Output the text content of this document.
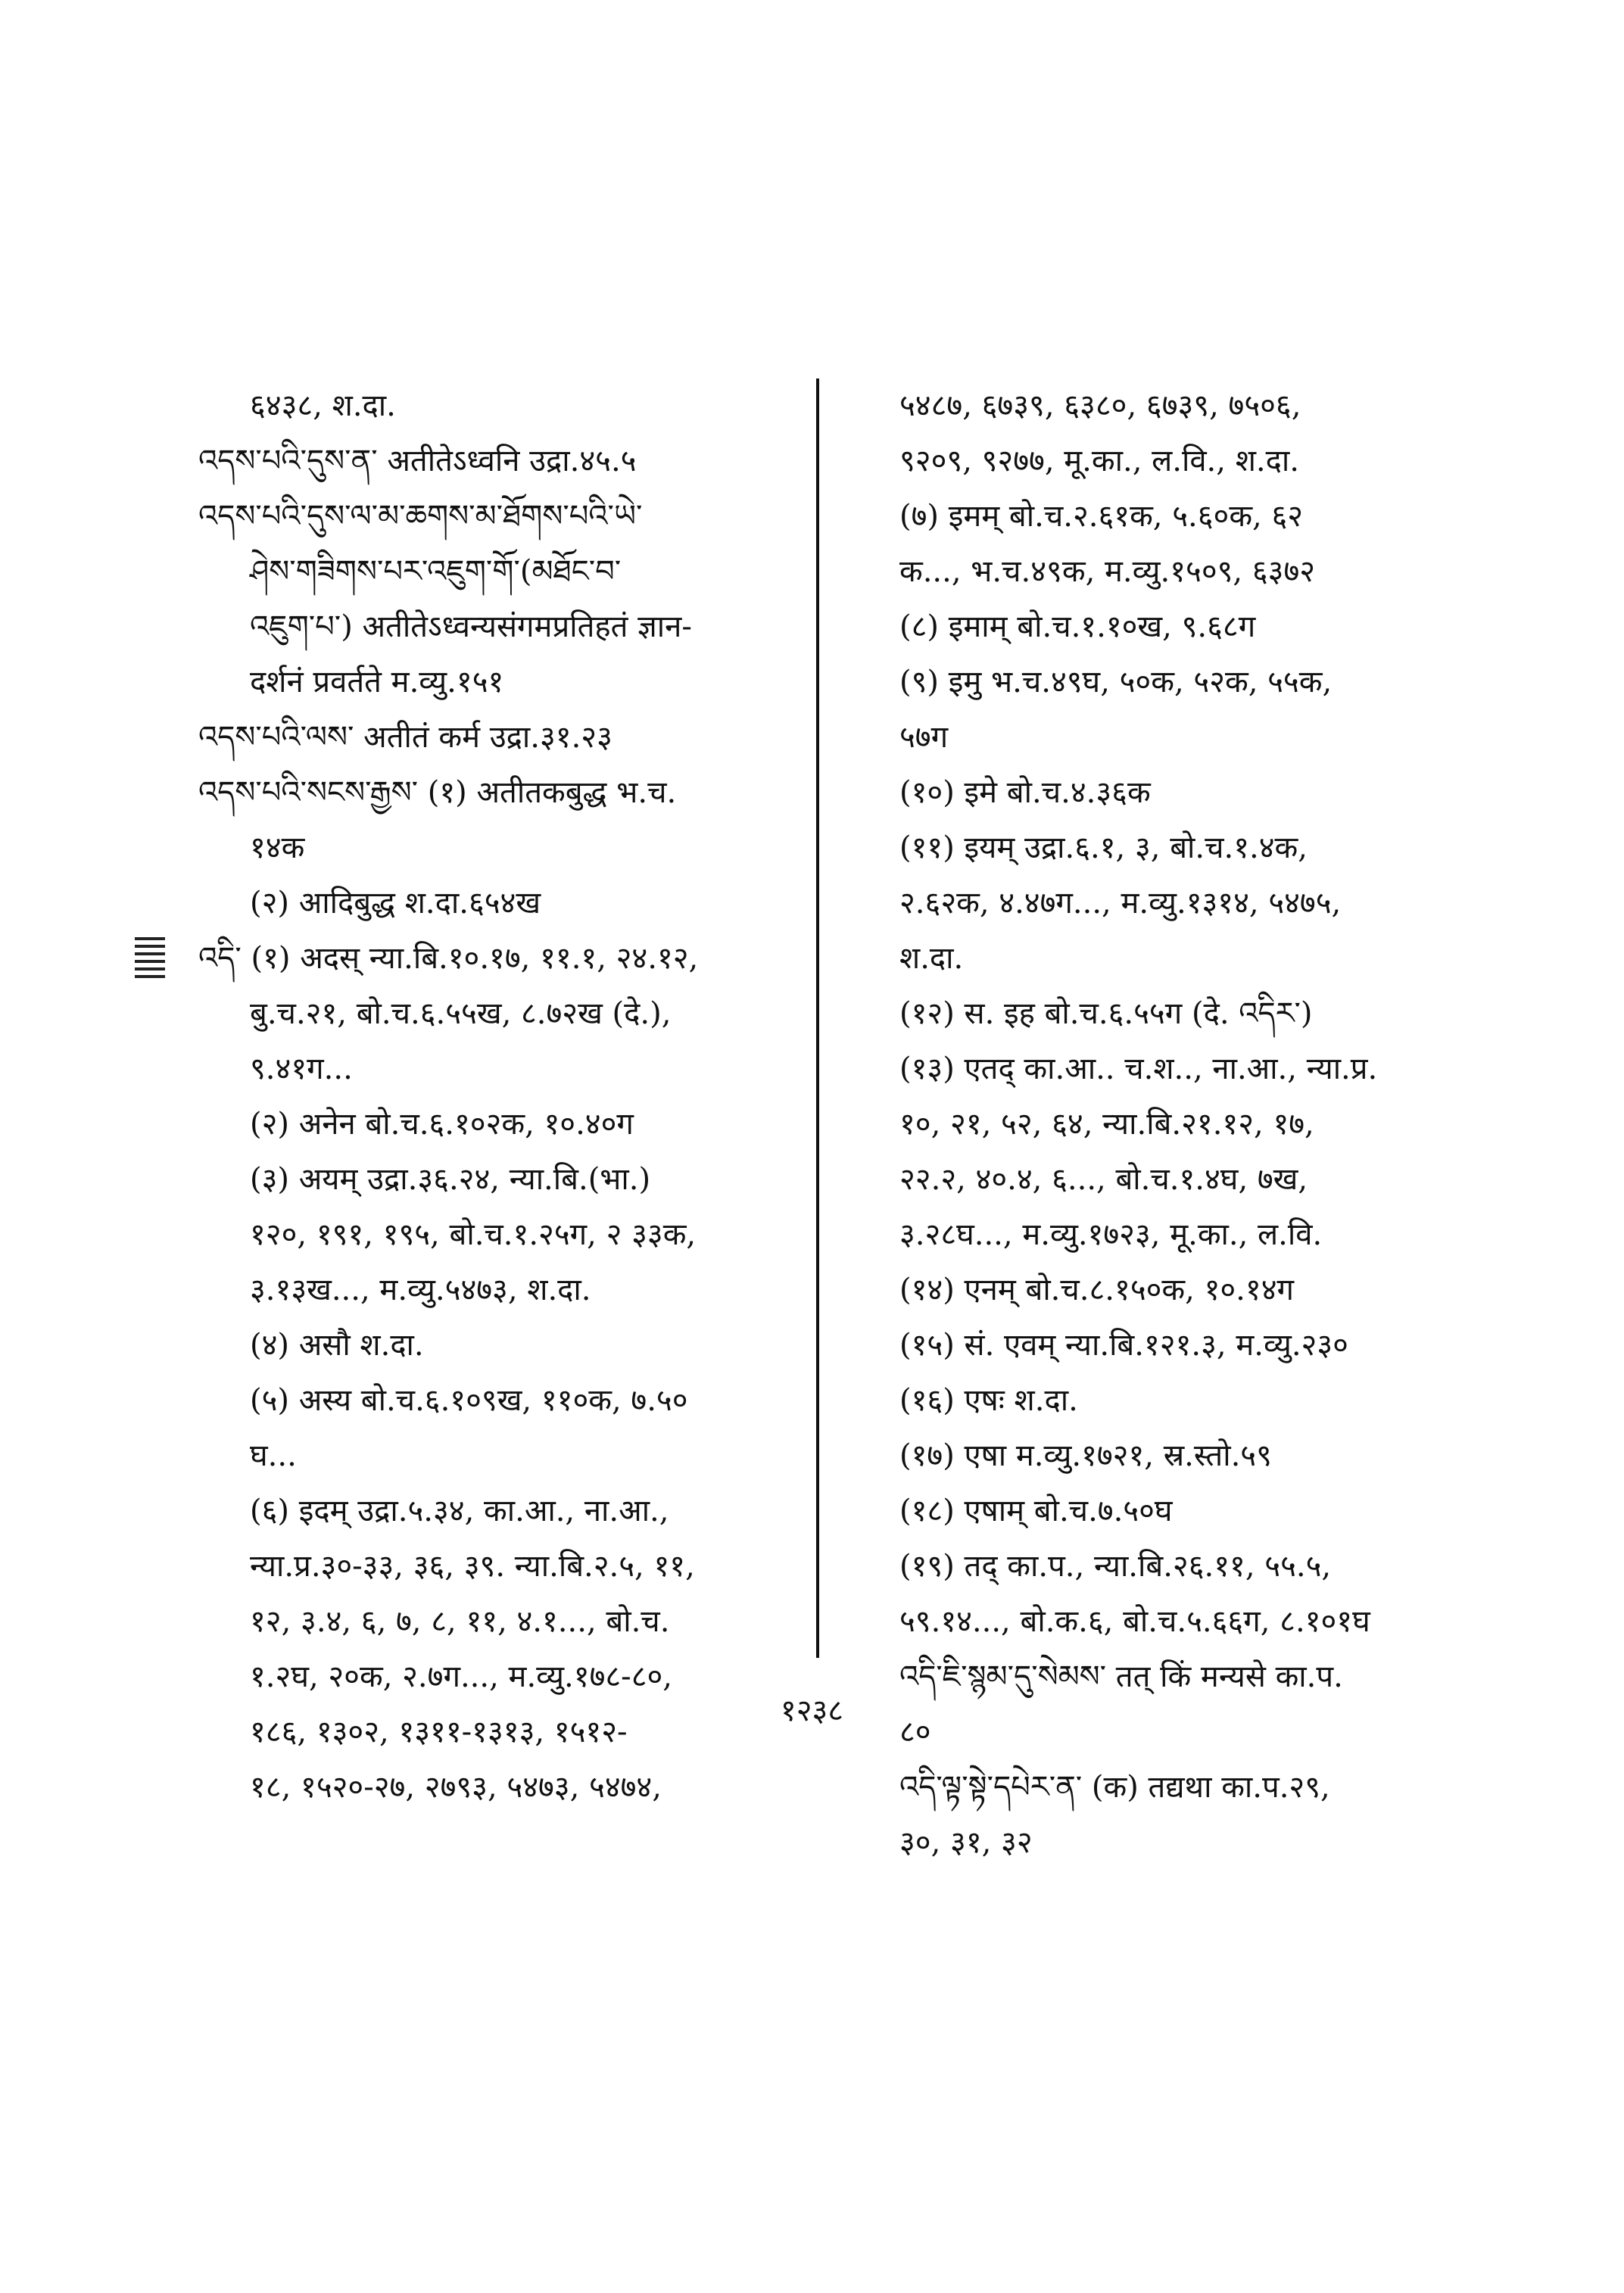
६४३८, श.दा.
འདས་པའི་དུས་ན་ अतीतेऽध्वनि उद्रा.४५.५
འདས་པའི་དུས་ལ་མ་ཆགས་མ་ཐོགས་པའི་ཡེ་
ཤེས་གཟིགས་པར་འཇུག་གོ་(མཐོང་བ་
འཇུག་པ་) अतीतेऽध्वन्यसंगमप्रतिहतं ज्ञान-
दर्शनं प्रवर्तते म.व्यु.१५१
འདས་པའི་ལས་ अतीतं कर्म उद्रा.३१.२३
འདས་པའི་སངས་རྒྱས་ (१) अतीतकबुद्ध भ.च.
१४क
(२) आदिबुद्ध श.दा.६५४ख
འདི་ (१) अदस् न्या.बि.१०.१७, ११.१, २४.१२,
बु.च.२१, बो.च.६.५५ख, ८.७२ख (दे.),
९.४१ग...
(२) अनेन बो.च.६.१०२क, १०.४०ग
(३) अयम् उद्रा.३६.२४, न्या.बि.(भा.)
१२०, १९१, १९५, बो.च.१.२५ग, २ ३३क,
३.१३ख..., म.व्यु.५४७३, श.दा.
(४) असौ श.दा.
(५) अस्य बो.च.६.१०९ख, ११०क, ७.५०
घ...
(६) इदम् उद्रा.५.३४, का.आ., ना.आ.,
न्या.प्र.३०-३३, ३६, ३९. न्या.बि.२.५, ११,
१२, ३.४, ६, ७, ८, ११, ४.१..., बो.च.
१.२घ, २०क, २.७ग..., म.व्यु.१७८-८०,
१८६, १३०२, १३११-१३१३, १५१२-
१८, १५२०-२७, २७९३, ५४७३, ५४७४,
५४८७, ६७३९, ६३८०, ६७३९, ७५०६,
९२०९, ९२७७, मू.का., ल.वि., श.दा.
(७) इमम् बो.च.२.६१क, ५.६०क, ६२
क..., भ.च.४९क, म.व्यु.१५०९, ६३७२
(८) इमाम् बो.च.१.१०ख, ९.६८ग
(९) इमु भ.च.४९घ, ५०क, ५२क, ५५क,
५७ग
(१०) इमे बो.च.४.३६क
(११) इयम् उद्रा.६.१, ३, बो.च.१.४क,
२.६२क, ४.४७ग..., म.व्यु.१३१४, ५४७५,
श.दा.
(१२) स. इह बो.च.६.५५ग (दे. འདིར་)
(१३) एतद् का.आ.. च.श.., ना.आ., न्या.प्र.
१०, २१, ५२, ६४, न्या.बि.२१.१२, १७,
२२.२, ४०.४, ६..., बो.च.१.४घ, ७ख,
३.२८घ..., म.व्यु.१७२३, मू.का., ल.वि.
(१४) एनम् बो.च.८.१५०क, १०.१४ग
(१५) सं. एवम् न्या.बि.१२१.३, म.व्यु.२३०
(१६) एषः श.दा.
(१७) एषा म.व्यु.१७२१, स्र.स्तो.५९
(१८) एषाम् बो.च.७.५०घ
(१९) तद् का.प., न्या.बि.२६.११, ५५.५,
५९.१४..., बो.क.६, बो.च.५.६६ग, ८.१०१घ
འདི་ཇི་སྙམ་དུ་སེམས་ तत् किं मन्यसे का.प.
८०
འདི་ལྟ་སྟེ་དཔེར་ན་ (क) तद्यथा का.प.२९,
३०, ३१, ३२
१२३८
